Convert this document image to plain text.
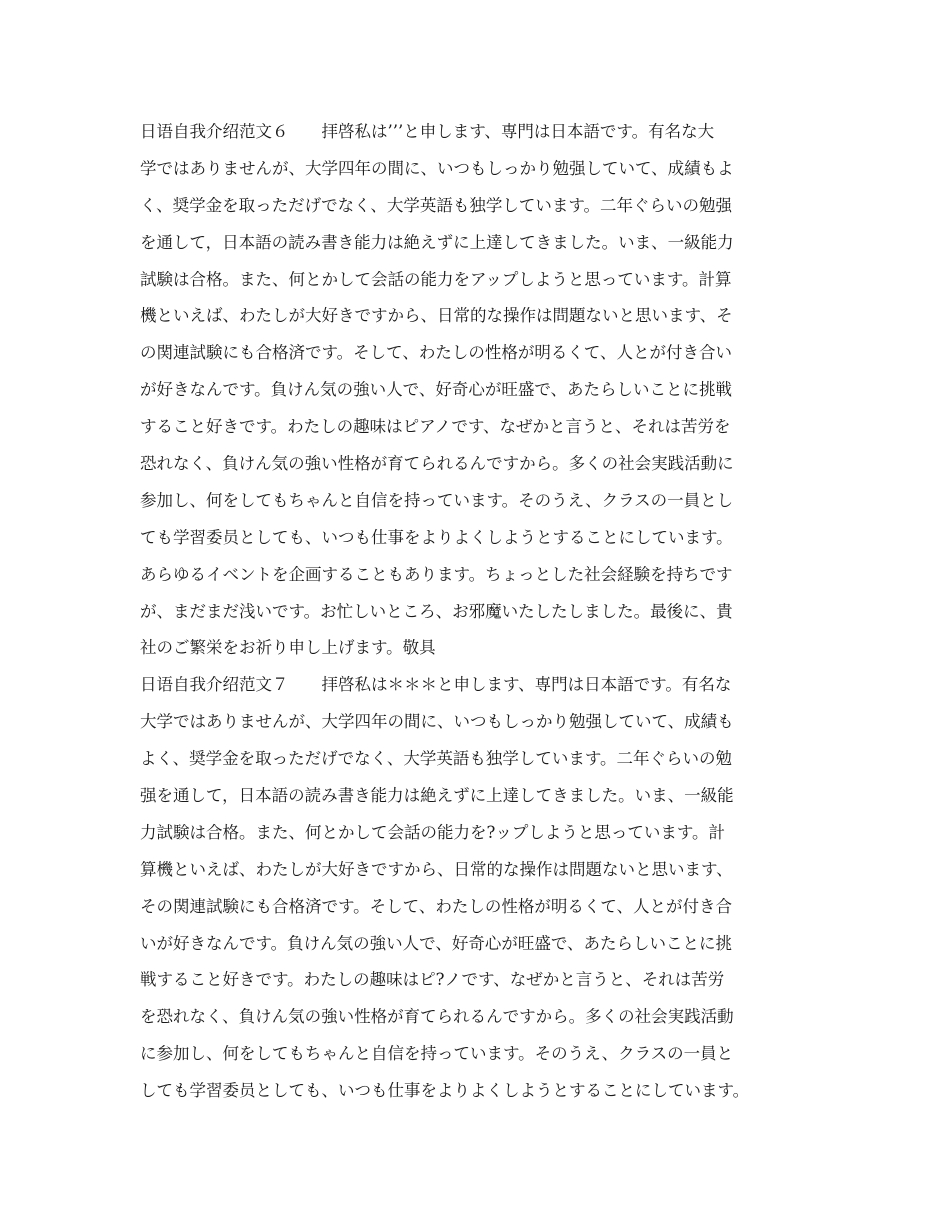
日语自我介绍范文６　　拝啓私は’’’と申します、専門は日本語です。有名な大
学ではありませんが、大学四年の間に、いつもしっかり勉强していて、成績もよ
く、奨学金を取っただげでなく、大学英語も独学しています。二年ぐらいの勉强
を通して，日本語の読み書き能力は絶えずに上達してきました。いま、一級能力
試験は合格。また、何とかして会話の能力をアップしようと思っています。計算
機といえば、わたしが大好きですから、日常的な操作は問題ないと思います、そ
の関連試験にも合格済です。そして、わたしの性格が明るくて、人とが付き合い
が好きなんです。負けん気の強い人で、好奇心が旺盛で、あたらしいことに挑戦
すること好きです。わたしの趣味はピアノです、なぜかと言うと、それは苦労を
恐れなく、負けん気の強い性格が育てられるんですから。多くの社会実践活動に
参加し、何をしてもちゃんと自信を持っています。そのうえ、クラスの一員とし
ても学習委员としても、いつも仕事をよりよくしようとすることにしています。
あらゆるイベントを企画することもあります。ちょっとした社会経験を持ちです
が、まだまだ浅いです。お忙しいところ、お邪魔いたしたしました。最後に、貴
社のご繁栄をお祈り申し上げます。敬具
日语自我介绍范文７　　拝啓私は＊＊＊と申します、専門は日本語です。有名な
大学ではありませんが、大学四年の間に、いつもしっかり勉强していて、成績も
よく、奨学金を取っただげでなく、大学英語も独学しています。二年ぐらいの勉
强を通して，日本語の読み書き能力は絶えずに上達してきました。いま、一級能
力試験は合格。また、何とかして会話の能力を?ップしようと思っています。計
算機といえば、わたしが大好きですから、日常的な操作は問題ないと思います、
その関連試験にも合格済です。そして、わたしの性格が明るくて、人とが付き合
いが好きなんです。負けん気の強い人で、好奇心が旺盛で、あたらしいことに挑
戦すること好きです。わたしの趣味はピ?ノです、なぜかと言うと、それは苦労
を恐れなく、負けん気の強い性格が育てられるんですから。多くの社会実践活動
に参加し、何をしてもちゃんと自信を持っています。そのうえ、クラスの一員と
しても学習委员としても、いつも仕事をよりよくしようとすることにしています。
